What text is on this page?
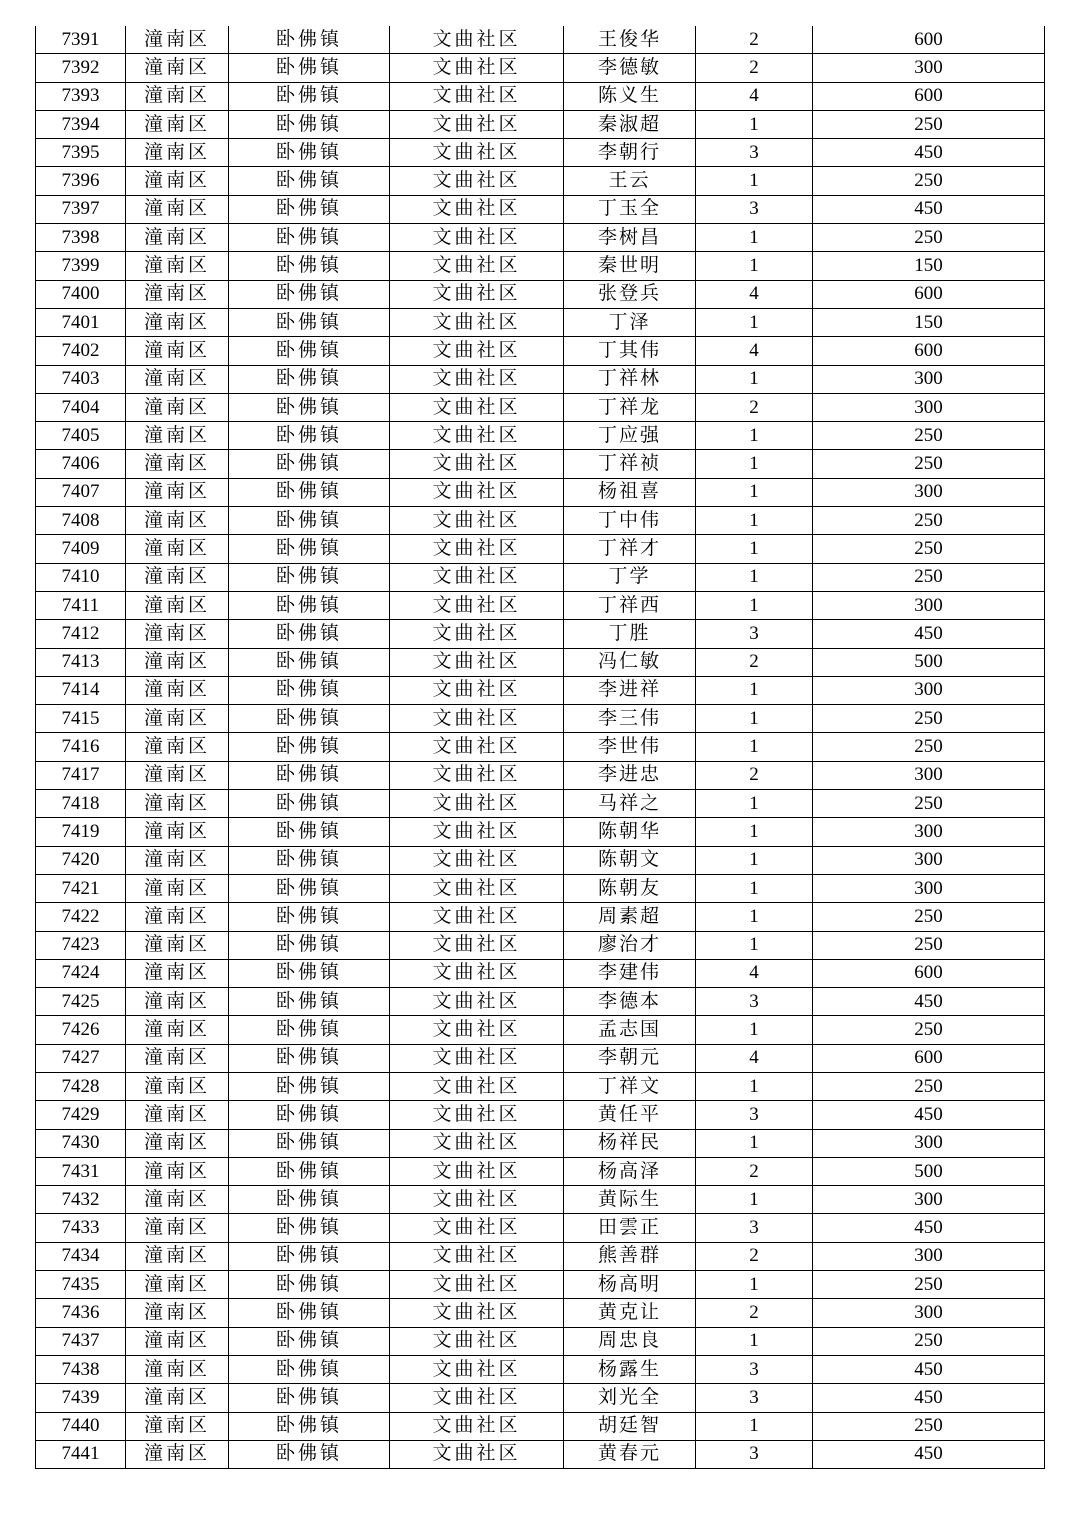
7391	潼南区	卧佛镇	文曲社区	王俊华	2	600
7392	潼南区	卧佛镇	文曲社区	李德敏	2	300
7393	潼南区	卧佛镇	文曲社区	陈义生	4	600
7394	潼南区	卧佛镇	文曲社区	秦淑超	1	250
7395	潼南区	卧佛镇	文曲社区	李朝行	3	450
7396	潼南区	卧佛镇	文曲社区	王云	1	250
7397	潼南区	卧佛镇	文曲社区	丁玉全	3	450
7398	潼南区	卧佛镇	文曲社区	李树昌	1	250
7399	潼南区	卧佛镇	文曲社区	秦世明	1	150
7400	潼南区	卧佛镇	文曲社区	张登兵	4	600
7401	潼南区	卧佛镇	文曲社区	丁泽	1	150
7402	潼南区	卧佛镇	文曲社区	丁其伟	4	600
7403	潼南区	卧佛镇	文曲社区	丁祥林	1	300
7404	潼南区	卧佛镇	文曲社区	丁祥龙	2	300
7405	潼南区	卧佛镇	文曲社区	丁应强	1	250
7406	潼南区	卧佛镇	文曲社区	丁祥祯	1	250
7407	潼南区	卧佛镇	文曲社区	杨祖喜	1	300
7408	潼南区	卧佛镇	文曲社区	丁中伟	1	250
7409	潼南区	卧佛镇	文曲社区	丁祥才	1	250
7410	潼南区	卧佛镇	文曲社区	丁学	1	250
7411	潼南区	卧佛镇	文曲社区	丁祥西	1	300
7412	潼南区	卧佛镇	文曲社区	丁胜	3	450
7413	潼南区	卧佛镇	文曲社区	冯仁敏	2	500
7414	潼南区	卧佛镇	文曲社区	李进祥	1	300
7415	潼南区	卧佛镇	文曲社区	李三伟	1	250
7416	潼南区	卧佛镇	文曲社区	李世伟	1	250
7417	潼南区	卧佛镇	文曲社区	李进忠	2	300
7418	潼南区	卧佛镇	文曲社区	马祥之	1	250
7419	潼南区	卧佛镇	文曲社区	陈朝华	1	300
7420	潼南区	卧佛镇	文曲社区	陈朝文	1	300
7421	潼南区	卧佛镇	文曲社区	陈朝友	1	300
7422	潼南区	卧佛镇	文曲社区	周素超	1	250
7423	潼南区	卧佛镇	文曲社区	廖治才	1	250
7424	潼南区	卧佛镇	文曲社区	李建伟	4	600
7425	潼南区	卧佛镇	文曲社区	李德本	3	450
7426	潼南区	卧佛镇	文曲社区	孟志国	1	250
7427	潼南区	卧佛镇	文曲社区	李朝元	4	600
7428	潼南区	卧佛镇	文曲社区	丁祥文	1	250
7429	潼南区	卧佛镇	文曲社区	黄任平	3	450
7430	潼南区	卧佛镇	文曲社区	杨祥民	1	300
7431	潼南区	卧佛镇	文曲社区	杨高泽	2	500
7432	潼南区	卧佛镇	文曲社区	黄际生	1	300
7433	潼南区	卧佛镇	文曲社区	田雲正	3	450
7434	潼南区	卧佛镇	文曲社区	熊善群	2	300
7435	潼南区	卧佛镇	文曲社区	杨高明	1	250
7436	潼南区	卧佛镇	文曲社区	黄克让	2	300
7437	潼南区	卧佛镇	文曲社区	周忠良	1	250
7438	潼南区	卧佛镇	文曲社区	杨露生	3	450
7439	潼南区	卧佛镇	文曲社区	刘光全	3	450
7440	潼南区	卧佛镇	文曲社区	胡廷智	1	250
7441	潼南区	卧佛镇	文曲社区	黄春元	3	450
